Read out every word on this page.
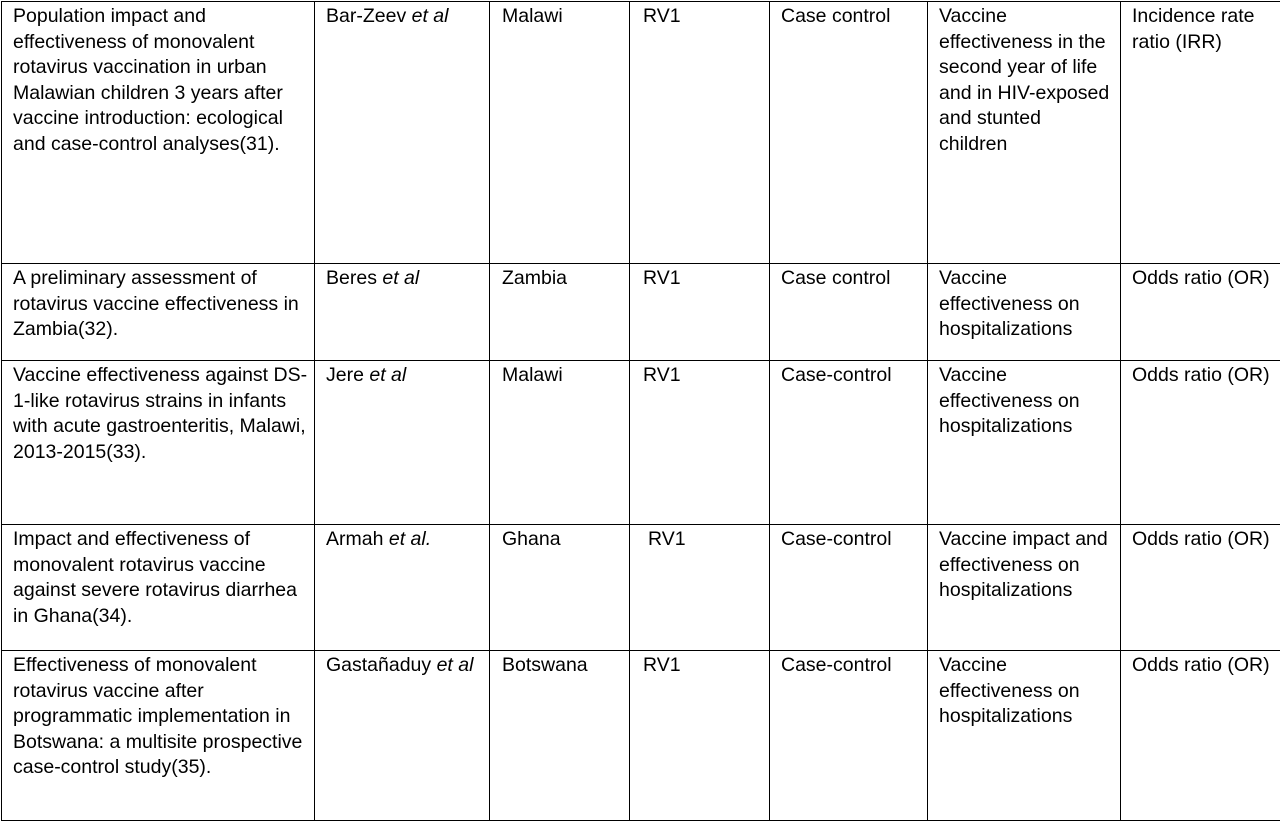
Population impact and effectiveness of monovalent rotavirus vaccination in urban Malawian children 3 years after vaccine introduction: ecological and case-control analyses(31).	Bar-Zeev et al	Malawi	RV1	Case control	Vaccine effectiveness in the second year of life and in HIV-exposed and stunted children	Incidence rate ratio (IRR)
A preliminary assessment of rotavirus vaccine effectiveness in Zambia(32).	Beres et al	Zambia	RV1	Case control	Vaccine effectiveness on hospitalizations	Odds ratio (OR)
Vaccine effectiveness against DS-1-like rotavirus strains in infants with acute gastroenteritis, Malawi, 2013-2015(33).	Jere et al	Malawi	RV1	Case-control	Vaccine effectiveness on hospitalizations	Odds ratio (OR)
Impact and effectiveness of monovalent rotavirus vaccine against severe rotavirus diarrhea in Ghana(34).	Armah et al.	Ghana	RV1	Case-control	Vaccine impact and effectiveness on hospitalizations	Odds ratio (OR)
Effectiveness of monovalent rotavirus vaccine after programmatic implementation in Botswana: a multisite prospective case-control study(35).	Gastañaduy et al	Botswana	RV1	Case-control	Vaccine effectiveness on hospitalizations	Odds ratio (OR)
